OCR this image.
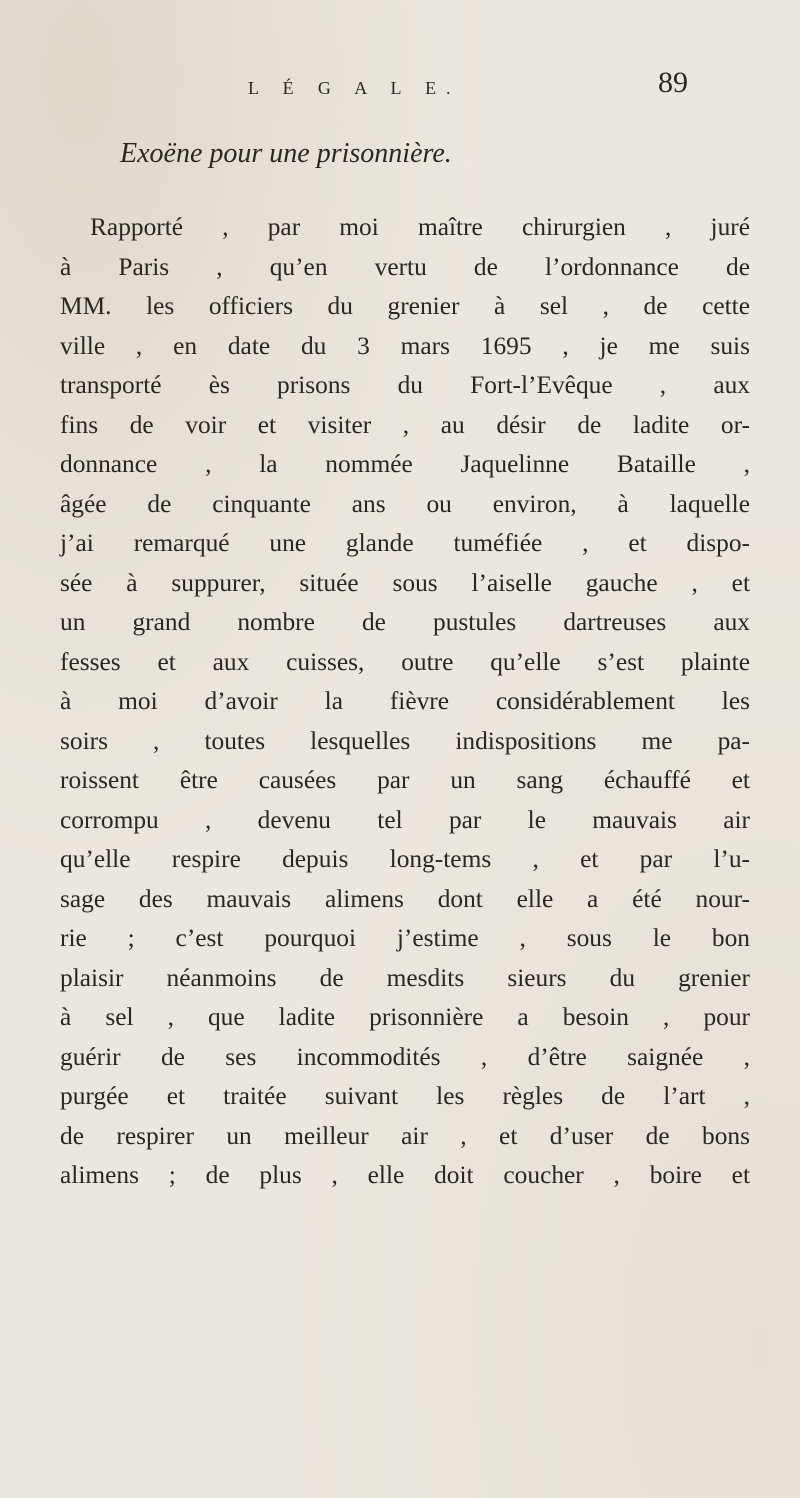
L É G A L E.	89
Exoëne pour une prisonnière.
Rapporté , par moi maître chirurgien , juré
à Paris , qu’en vertu de l’ordonnance de
MM. les officiers du grenier à sel , de cette
ville , en date du 3 mars 1695 , je me suis
transporté ès prisons du Fort-l’Evêque , aux
fins de voir et visiter , au désir de ladite or-
donnance , la nommée Jaquelinne Bataille ,
âgée de cinquante ans ou environ, à laquelle
j’ai remarqué une glande tuméfiée , et dispo-
sée à suppurer, située sous l’aiselle gauche , et
un grand nombre de pustules dartreuses aux
fesses et aux cuisses, outre qu’elle s’est plainte
à moi d’avoir la fièvre considérablement les
soirs , toutes lesquelles indispositions me pa-
roissent être causées par un sang échauffé et
corrompu , devenu tel par le mauvais air
qu’elle respire depuis long-tems , et par l’u-
sage des mauvais alimens dont elle a été nour-
rie ; c’est pourquoi j’estime , sous le bon
plaisir néanmoins de mesdits sieurs du grenier
à sel , que ladite prisonnière a besoin , pour
guérir de ses incommodités , d’être saignée ,
purgée et traitée suivant les règles de l’art ,
de respirer un meilleur air , et d’user de bons
alimens ; de plus , elle doit coucher , boire et
